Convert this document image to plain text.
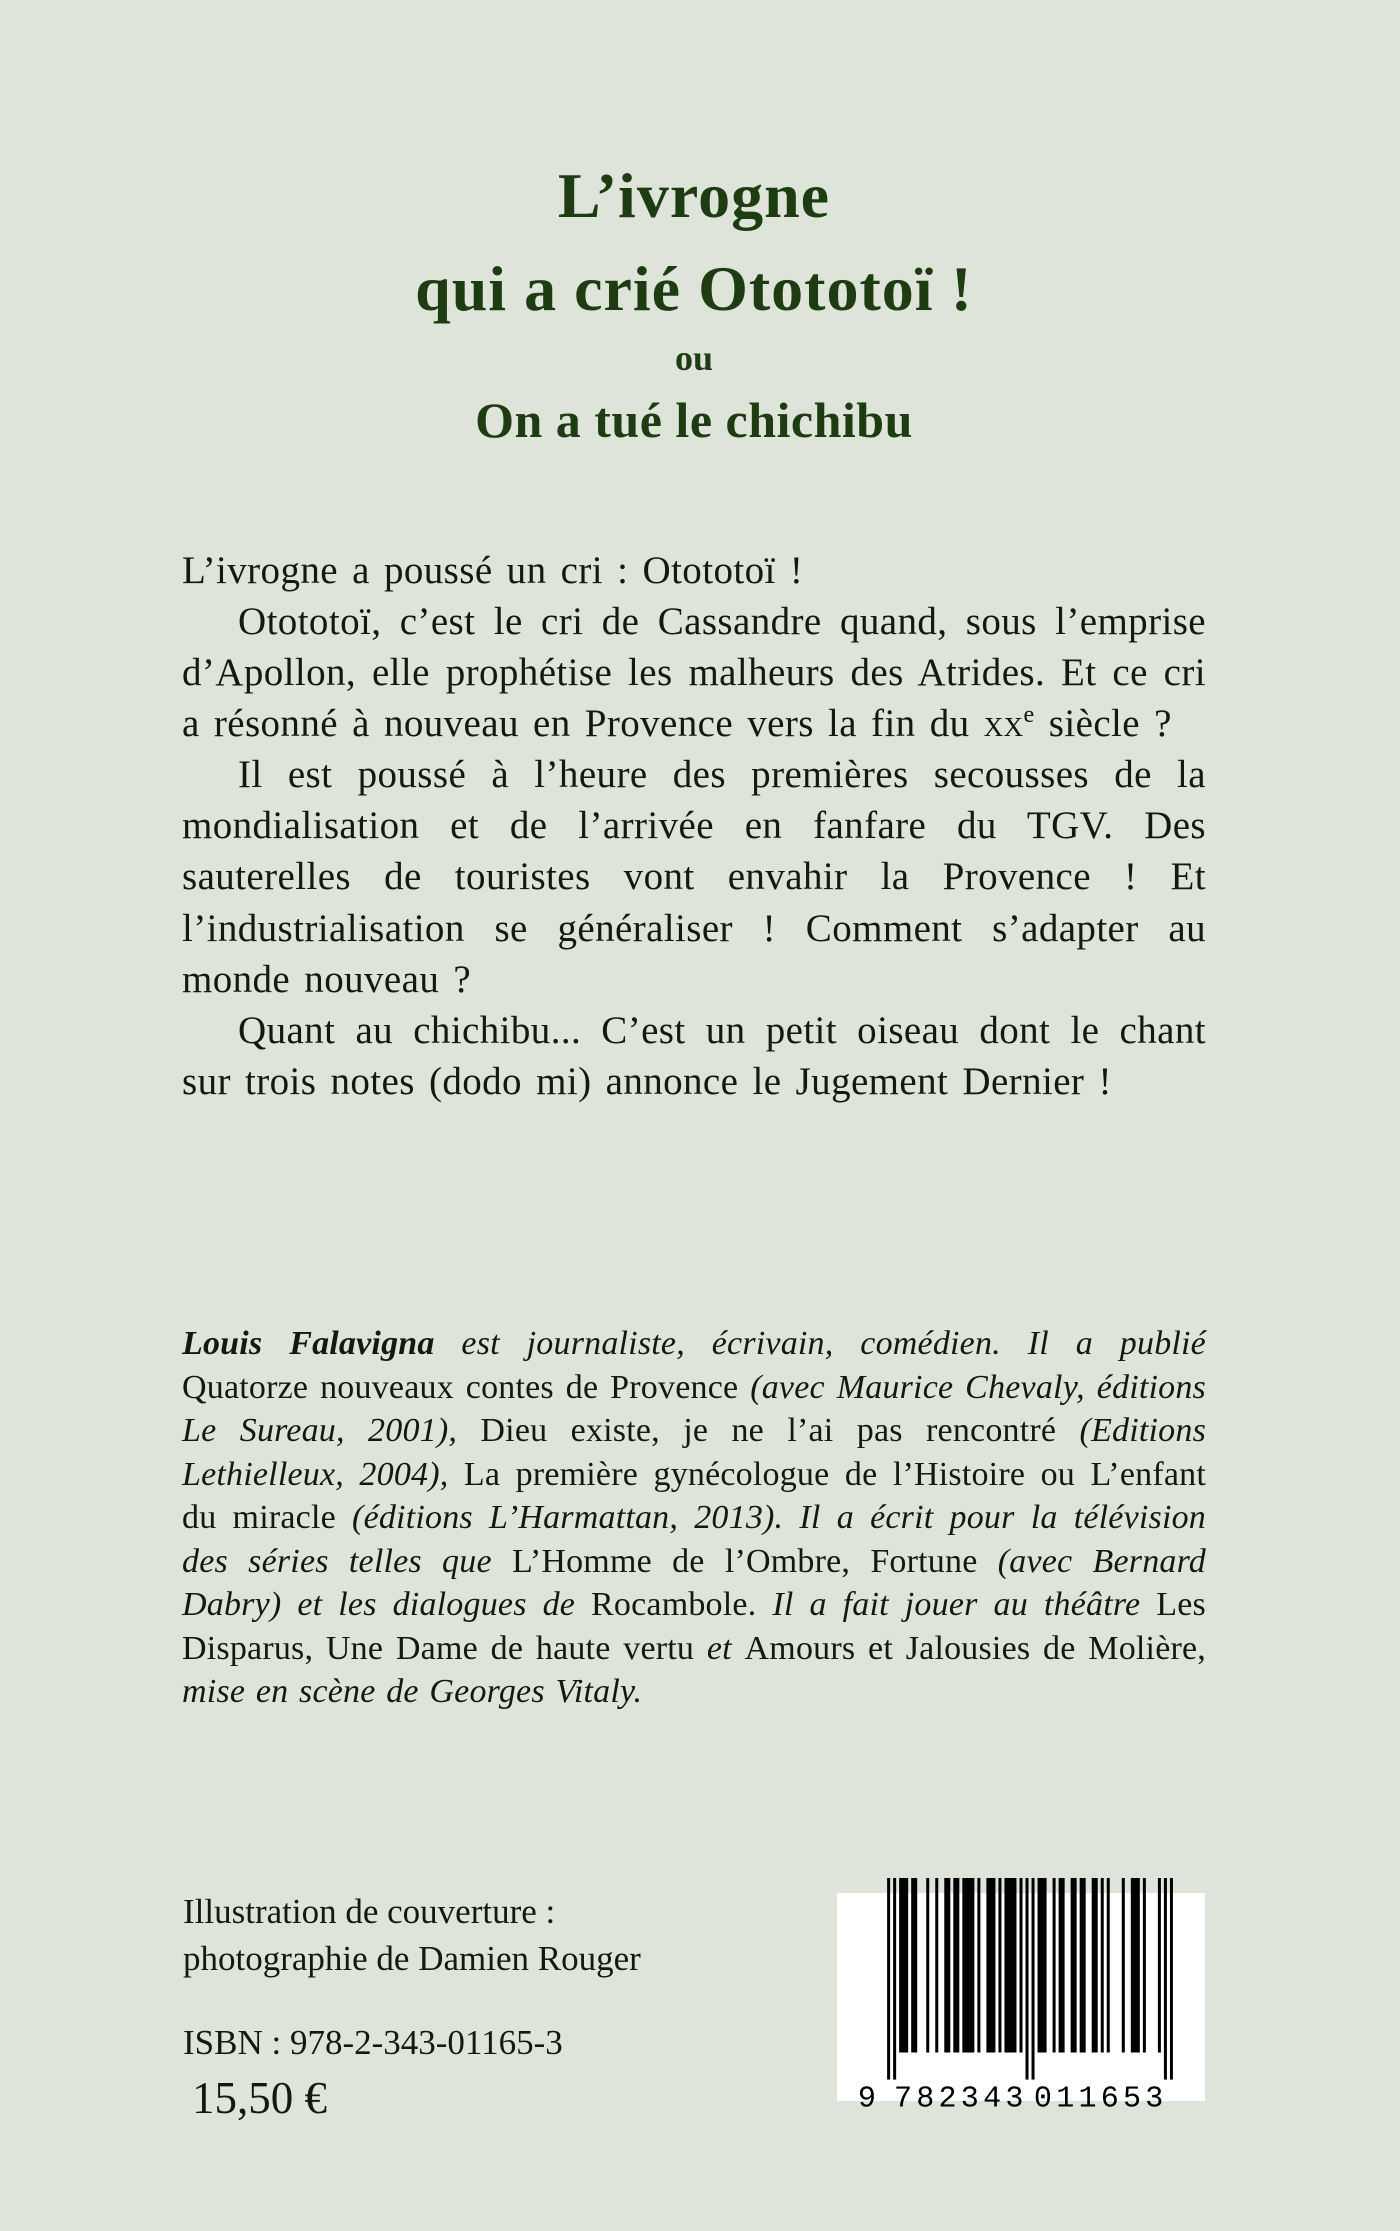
L’ivrogne
qui a crié Otototoï !
ou
On a tué le chichibu

L’ivrogne a poussé un cri : Otototoï !

Otototoï, c’est le cri de Cassandre quand, sous l’emprise d’Apollon, elle prophétise les malheurs des Atrides. Et ce cri a résonné à nouveau en Provence vers la fin du $xx^e$ siècle ?

Il est poussé à l’heure des premières secousses de la mondialisation et de l’arrivée en fanfare du TGV. Des sauterelles de touristes vont envahir la Provence ! Et l’industrialisation se généraliser ! Comment s’adapter au monde nouveau ?

Quant au chichibu... C’est un petit oiseau dont le chant sur trois notes (dodo mi) annonce le Jugement Dernier !

Louis Falavigna est journaliste, écrivain, comédien. Il a publié Quatorze nouveaux contes de Provence (avec Maurice Chevaly, éditions Le Sureau, 2001), Dieu existe, je ne l’ai pas rencontré (Editions Lethielleux, 2004), La première gynécologue de l’Histoire ou L’enfant du miracle (éditions L’Harmattan, 2013). Il a écrit pour la télévision des séries telles que L’Homme de l’Ombre, Fortune (avec Bernard Dabry) et les dialogues de Rocambole. Il a fait jouer au théâtre Les Disparus, Une Dame de haute vertu et Amours et Jalousies de Molière, mise en scène de Georges Vitaly.

Illustration de couverture :
photographie de Damien Rouger
ISBN : 978-2-343-01165-3
15,50 €	9 782343 011653
